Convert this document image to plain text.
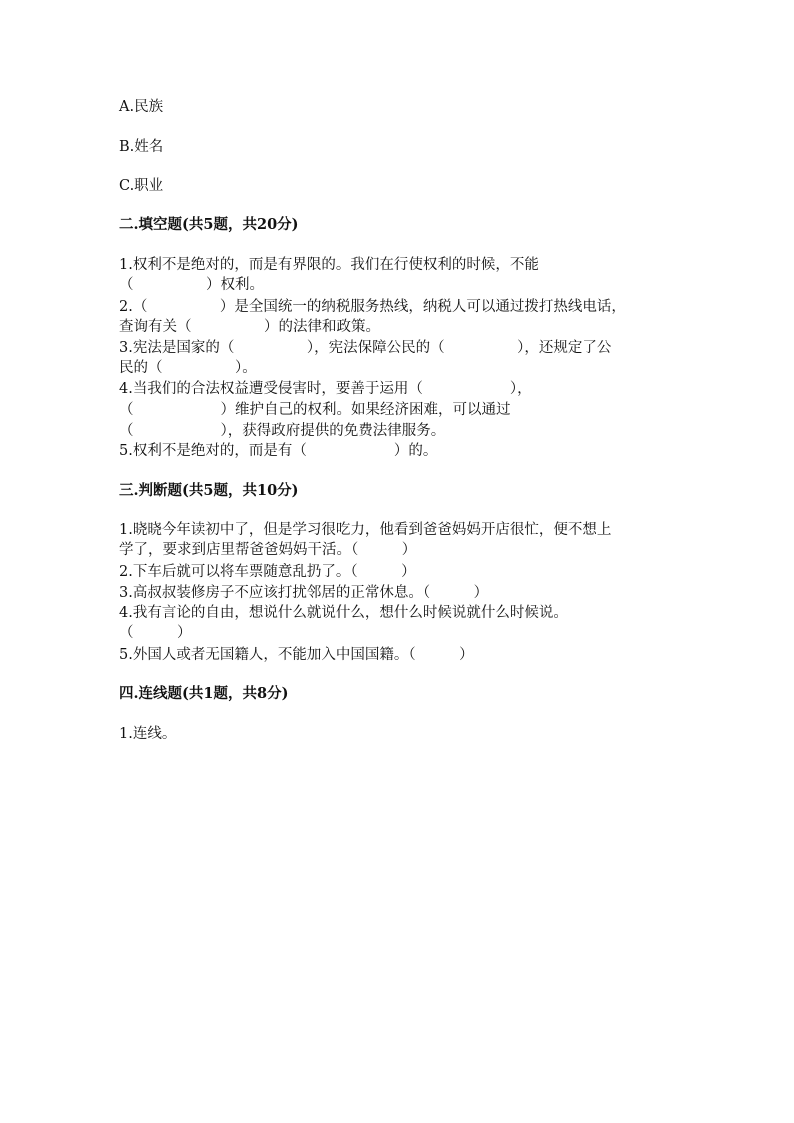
A.民族
B.姓名
C.职业
二.填空题(共5题，共20分)
1.权利不是绝对的，而是有界限的。我们在行使权利的时候，不能
（　　　　　）权利。
2.（　　　　　）是全国统一的纳税服务热线，纳税人可以通过拨打热线电话，
查询有关（　　　　　）的法律和政策。
3.宪法是国家的（　　　　　），宪法保障公民的（　　　　　），还规定了公
民的（　　　　　）。
4.当我们的合法权益遭受侵害时，要善于运用（　　　　　　），
（　　　　　　）维护自己的权利。如果经济困难，可以通过
（　　　　　　），获得政府提供的免费法律服务。
5.权利不是绝对的，而是有（　　　　　　）的。
三.判断题(共5题，共10分)
1.晓晓今年读初中了，但是学习很吃力，他看到爸爸妈妈开店很忙，便不想上
学了，要求到店里帮爸爸妈妈干活。（　　　）
2.下车后就可以将车票随意乱扔了。（　　　）
3.高叔叔装修房子不应该打扰邻居的正常休息。（　　　）
4.我有言论的自由，想说什么就说什么，想什么时候说就什么时候说。
（　　　）
5.外国人或者无国籍人，不能加入中国国籍。（　　　）
四.连线题(共1题，共8分)
1.连线。
